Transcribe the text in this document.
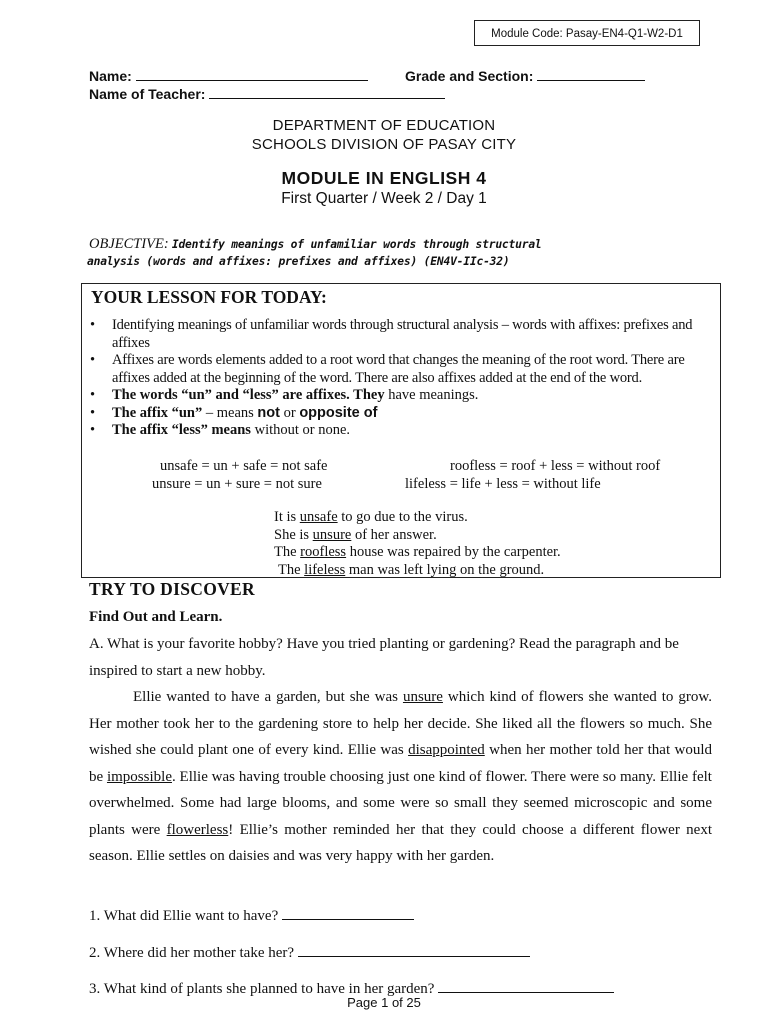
Module Code: Pasay-EN4-Q1-W2-D1
Name:	Grade and Section:
Name of Teacher:
DEPARTMENT OF EDUCATION
SCHOOLS DIVISION OF PASAY CITY
MODULE IN ENGLISH 4
First Quarter / Week 2 / Day 1
OBJECTIVE: Identify meanings of unfamiliar words through structural
analysis (words and affixes: prefixes and affixes) (EN4V-IIc-32)
YOUR LESSON FOR TODAY:
• Identifying meanings of unfamiliar words through structural analysis – words with affixes: prefixes and affixes
• Affixes are words elements added to a root word that changes the meaning of the root word. There are affixes added at the beginning of the word. There are also affixes added at the end of the word.
• The words “un” and “less” are affixes. They have meanings.
• The affix “un” – means not or opposite of
• The affix “less” means without or none.
unsafe = un + safe = not safe	roofless = roof + less = without roof
unsure = un + sure = not sure	lifeless = life + less = without life
It is unsafe to go due to the virus.
She is unsure of her answer.
The roofless house was repaired by the carpenter.
The lifeless man was left lying on the ground.
TRY TO DISCOVER
Find Out and Learn.
A. What is your favorite hobby? Have you tried planting or gardening? Read the paragraph and be inspired to start a new hobby.
Ellie wanted to have a garden, but she was unsure which kind of flowers she wanted to grow. Her mother took her to the gardening store to help her decide. She liked all the flowers so much. She wished she could plant one of every kind. Ellie was disappointed when her mother told her that would be impossible. Ellie was having trouble choosing just one kind of flower. There were so many. Ellie felt overwhelmed. Some had large blooms, and some were so small they seemed microscopic and some plants were flowerless! Ellie’s mother reminded her that they could choose a different flower next season. Ellie settles on daisies and was very happy with her garden.
1. What did Ellie want to have?
2. Where did her mother take her?
3. What kind of plants she planned to have in her garden?
Page 1 of 25
